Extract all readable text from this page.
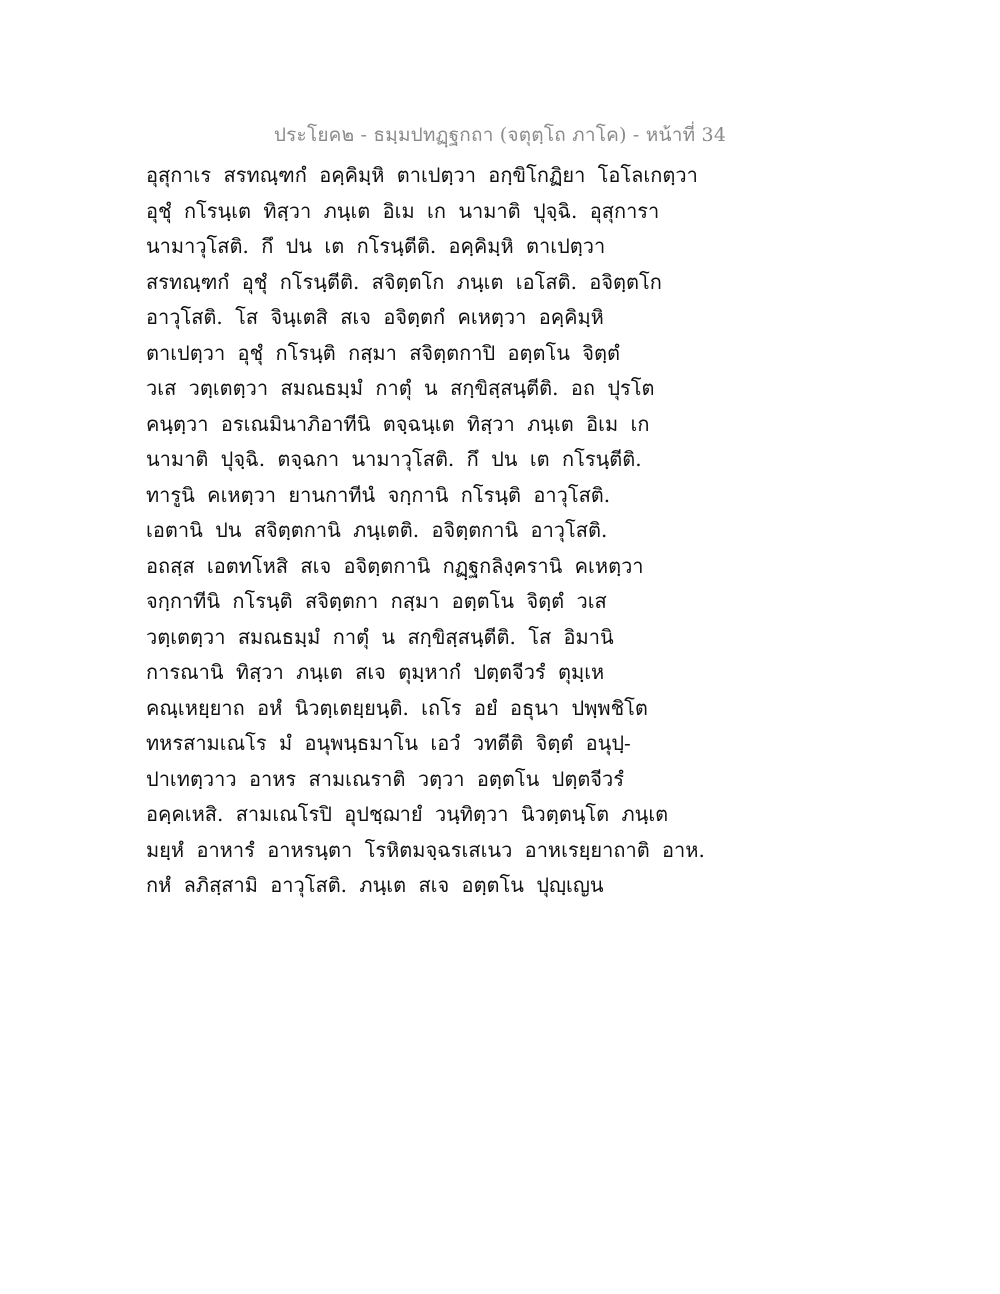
ประโยค๒ - ธมฺมปทฏฺฐกถา (จตุตฺโถ ภาโค) - หน้าที่ 34
อุสุกาเร สรทณฺฑกํ อคฺคิมฺหิ ตาเปตฺวา อกฺขิโกฏิยา โอโลเกตฺวา
อุชุํ กโรนฺเต ทิสฺวา ภนฺเต อิเม เก นามาติ ปุจฺฉิ. อุสุการา
นามาวุโสติ. กึ ปน เต กโรนฺตีติ. อคฺคิมฺหิ ตาเปตฺวา
สรทณฺฑกํ อุชุํ กโรนฺตีติ. สจิตฺตโก ภนฺเต เอโสติ. อจิตฺตโก
อาวุโสติ. โส จินฺเตสิ สเจ อจิตฺตกํ คเหตฺวา อคฺคิมฺหิ
ตาเปตฺวา อุชุํ กโรนฺติ กสฺมา สจิตฺตกาปิ อตฺตโน จิตฺตํ
วเส วตฺเตตฺวา สมณธมฺมํ กาตุํ น สกฺขิสฺสนฺตีติ. อถ ปุรโต
คนฺตฺวา อรเณมินาภิอาทีนิ ตจฺฉนฺเต ทิสฺวา ภนฺเต อิเม เก
นามาติ ปุจฺฉิ. ตจฺฉกา นามาวุโสติ. กึ ปน เต กโรนฺตีติ.
ทารูนิ คเหตฺวา ยานกาทีนํ จกฺกานิ กโรนฺติ อาวุโสติ.
เอตานิ ปน สจิตฺตกานิ ภนฺเตติ. อจิตฺตกานิ อาวุโสติ.
อถสฺส เอตทโหสิ สเจ อจิตฺตกานิ กฏฺฐกลิงฺครานิ คเหตฺวา
จกฺกาทีนิ กโรนฺติ สจิตฺตกา กสฺมา อตฺตโน จิตฺตํ วเส
วตฺเตตฺวา สมณธมฺมํ กาตุํ น สกฺขิสฺสนฺตีติ. โส อิมานิ
การณานิ ทิสฺวา ภนฺเต สเจ ตุมฺหากํ ปตฺตจีวรํ ตุมฺเห
คณฺเหยฺยาถ อหํ นิวตฺเตยฺยนฺติ. เถโร อยํ อธุนา ปพฺพชิโต
ทหรสามเณโร มํ อนุพนฺธมาโน เอวํ วทตีติ จิตฺตํ อนุปฺ-
ปาเทตฺวาว อาหร สามเณราติ วตฺวา อตฺตโน ปตฺตจีวรํ
อคฺคเหสิ. สามเณโรปิ อุปชฺฌายํ วนฺทิตฺวา นิวตฺตนฺโต ภนฺเต
มยฺหํ อาหารํ อาหรนฺตา โรหิตมจฺฉรเสเนว อาหเรยฺยาถาติ อาห.
กหํ ลภิสฺสามิ อาวุโสติ. ภนฺเต สเจ อตฺตโน ปุญฺเญน
